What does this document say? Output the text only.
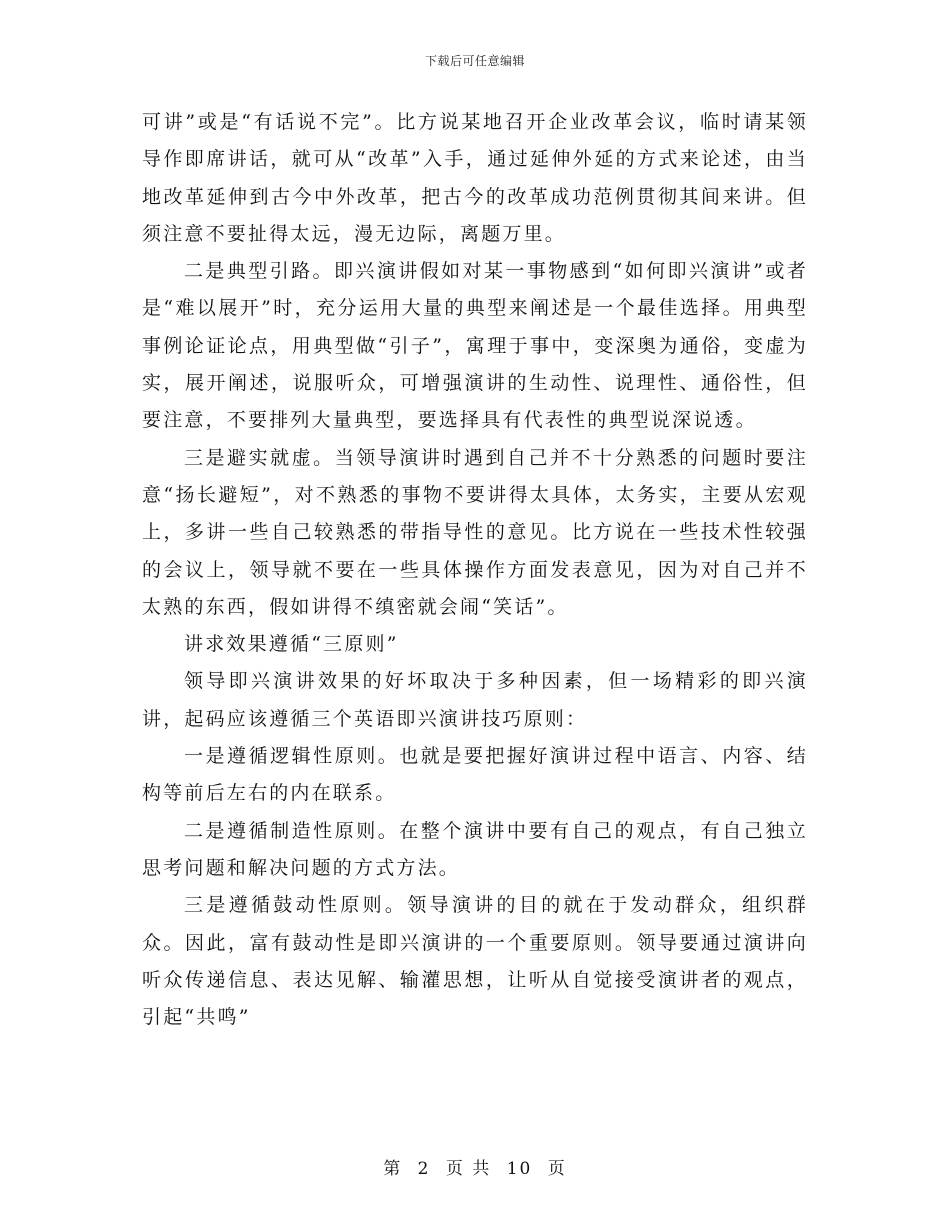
下载后可任意编辑

可讲”或是“有话说不完”。比方说某地召开企业改革会议，临时请某领导作即席讲话，就可从“改革”入手，通过延伸外延的方式来论述，由当地改革延伸到古今中外改革，把古今的改革成功范例贯彻其间来讲。但须注意不要扯得太远，漫无边际，离题万里。

二是典型引路。即兴演讲假如对某一事物感到“如何即兴演讲”或者是“难以展开”时，充分运用大量的典型来阐述是一个最佳选择。用典型事例论证论点，用典型做“引子”，寓理于事中，变深奥为通俗，变虚为实，展开阐述，说服听众，可增强演讲的生动性、说理性、通俗性，但要注意，不要排列大量典型，要选择具有代表性的典型说深说透。

三是避实就虚。当领导演讲时遇到自己并不十分熟悉的问题时要注意“扬长避短”，对不熟悉的事物不要讲得太具体，太务实，主要从宏观上，多讲一些自己较熟悉的带指导性的意见。比方说在一些技术性较强的会议上，领导就不要在一些具体操作方面发表意见，因为对自己并不太熟的东西，假如讲得不缜密就会闹“笑话”。

讲求效果遵循“三原则”

领导即兴演讲效果的好坏取决于多种因素，但一场精彩的即兴演讲，起码应该遵循三个英语即兴演讲技巧原则：

一是遵循逻辑性原则。也就是要把握好演讲过程中语言、内容、结构等前后左右的内在联系。

二是遵循制造性原则。在整个演讲中要有自己的观点，有自己独立思考问题和解决问题的方式方法。

三是遵循鼓动性原则。领导演讲的目的就在于发动群众，组织群众。因此，富有鼓动性是即兴演讲的一个重要原则。领导要通过演讲向听众传递信息、表达见解、输灌思想，让听从自觉接受演讲者的观点，引起“共鸣”

第 2 页 共 10 页
